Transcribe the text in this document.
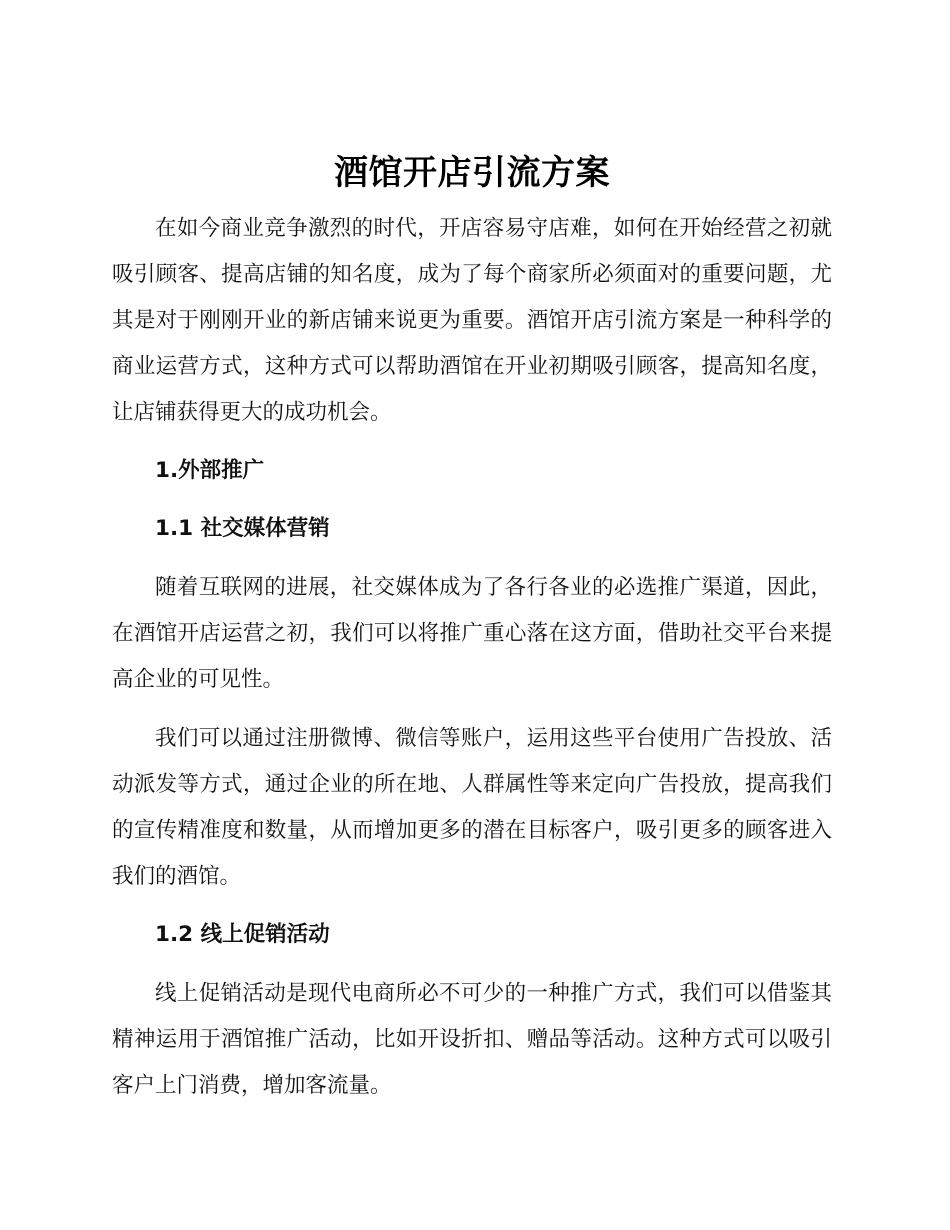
酒馆开店引流方案

在如今商业竞争激烈的时代，开店容易守店难，如何在开始经营之初就吸引顾客、提高店铺的知名度，成为了每个商家所必须面对的重要问题，尤其是对于刚刚开业的新店铺来说更为重要。酒馆开店引流方案是一种科学的商业运营方式，这种方式可以帮助酒馆在开业初期吸引顾客，提高知名度，让店铺获得更大的成功机会。

1.外部推广
1.1 社交媒体营销

随着互联网的进展，社交媒体成为了各行各业的必选推广渠道，因此，在酒馆开店运营之初，我们可以将推广重心落在这方面，借助社交平台来提高企业的可见性。

我们可以通过注册微博、微信等账户，运用这些平台使用广告投放、活动派发等方式，通过企业的所在地、人群属性等来定向广告投放，提高我们的宣传精准度和数量，从而增加更多的潜在目标客户，吸引更多的顾客进入我们的酒馆。

1.2 线上促销活动

线上促销活动是现代电商所必不可少的一种推广方式，我们可以借鉴其精神运用于酒馆推广活动，比如开设折扣、赠品等活动。这种方式可以吸引客户上门消费，增加客流量。
